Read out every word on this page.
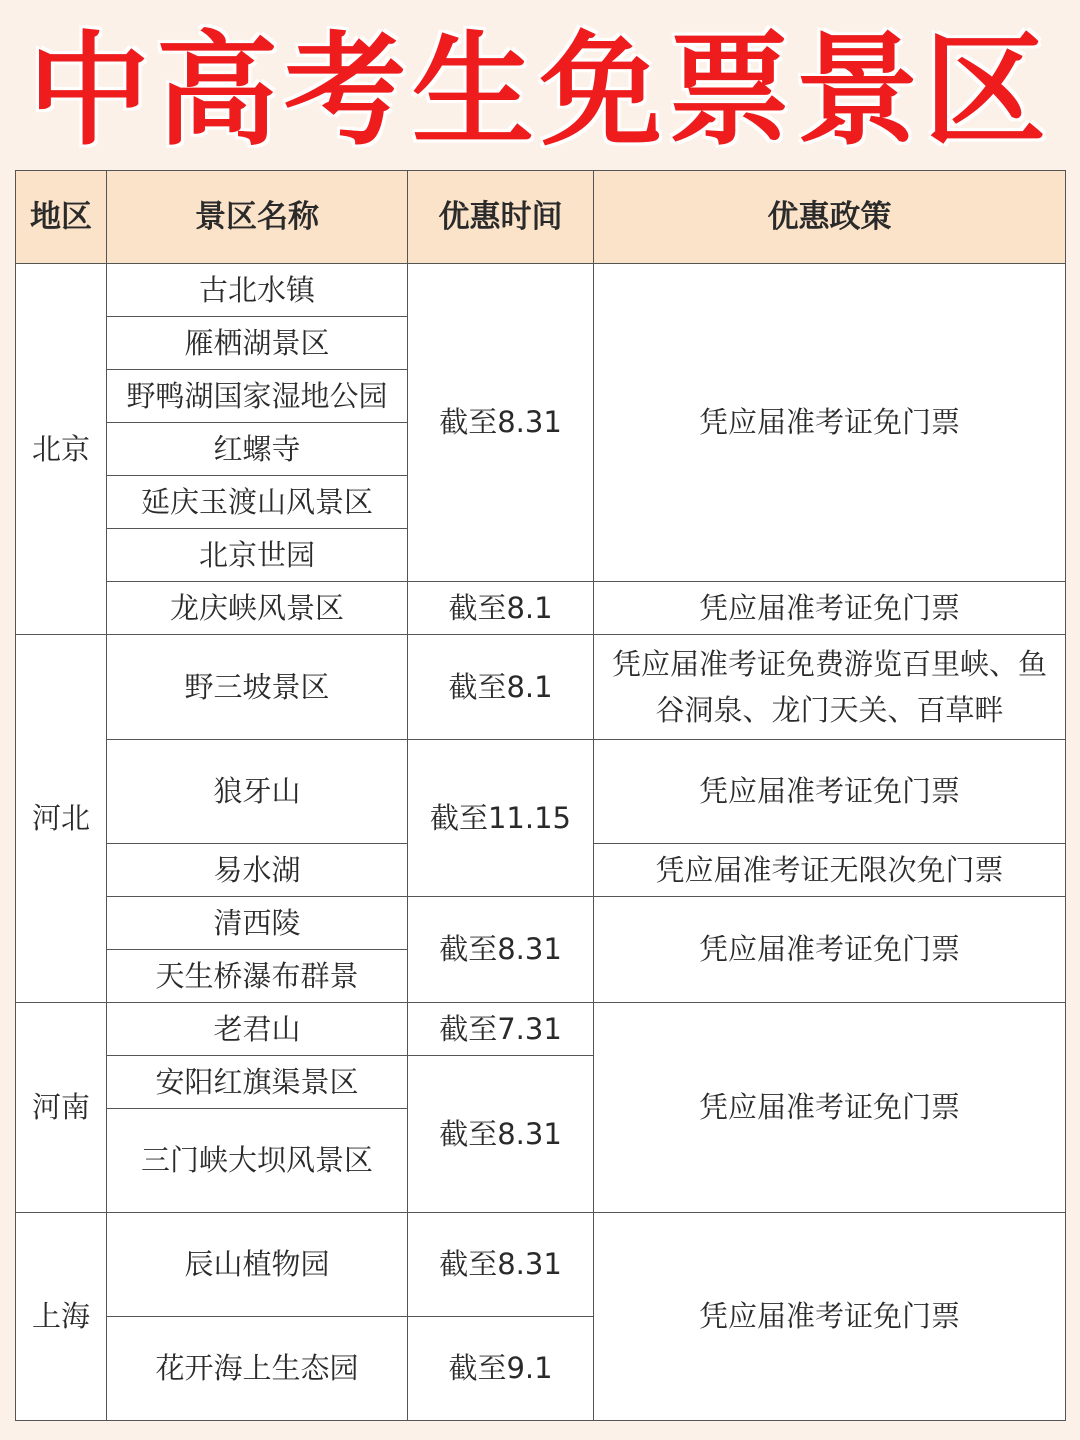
中高考生免票景区
地区	景区名称	优惠时间	优惠政策
北京	古北水镇	截至8.31	凭应届准考证免门票
	雁栖湖景区		
	野鸭湖国家湿地公园		
	红螺寺		
	延庆玉渡山风景区		
	北京世园		
	龙庆峡风景区	截至8.1	凭应届准考证免门票
河北	野三坡景区	截至8.1	凭应届准考证免费游览百里峡、鱼谷洞泉、龙门天关、百草畔
	狼牙山	截至11.15	凭应届准考证免门票
	易水湖		凭应届准考证无限次免门票
	清西陵	截至8.31	凭应届准考证免门票
	天生桥瀑布群景		
河南	老君山	截至7.31	凭应届准考证免门票
	安阳红旗渠景区	截至8.31	
	三门峡大坝风景区		
上海	辰山植物园	截至8.31	凭应届准考证免门票
	花开海上生态园	截至9.1	
